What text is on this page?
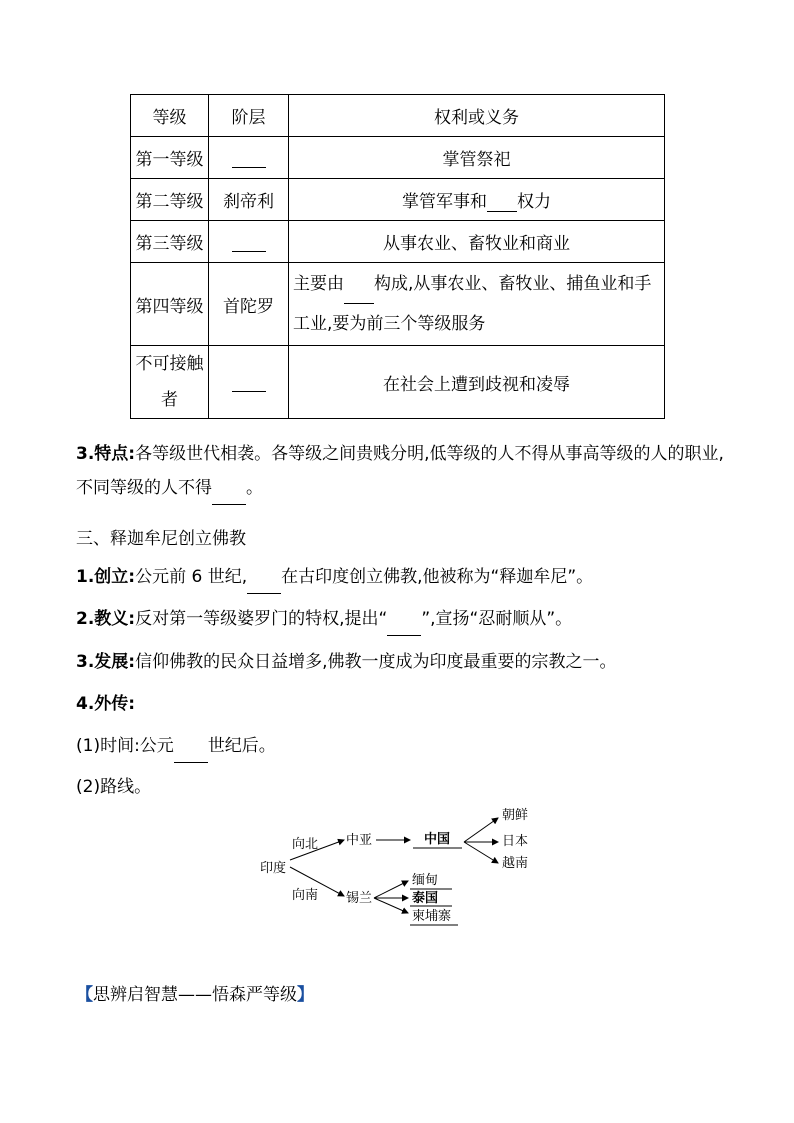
等级	阶层	权利或义务
第一等级		掌管祭祀
第二等级	刹帝利	掌管军事和 权力
第三等级		从事农业、畜牧业和商业
第四等级	首陀罗	主要由 构成,从事农业、畜牧业、捕鱼业和手工业,要为前三个等级服务
不可接触者		在社会上遭到歧视和凌辱
3.特点:各等级世代相袭。各等级之间贵贱分明,低等级的人不得从事高等级的人的职业,不同等级的人不得 。
三、释迦牟尼创立佛教
1.创立:公元前 6 世纪, 在古印度创立佛教,他被称为“释迦牟尼”。
2.教义:反对第一等级婆罗门的特权,提出“ ”,宣扬“忍耐顺从”。
3.发展:信仰佛教的民众日益增多,佛教一度成为印度最重要的宗教之一。
4.外传:
(1)时间:公元 世纪后。
(2)路线。
印度
向北
向南
中亚	中国
朝鲜
日本
越南
锡兰
缅甸
泰国
柬埔寨
【思辨启智慧——悟森严等级】
